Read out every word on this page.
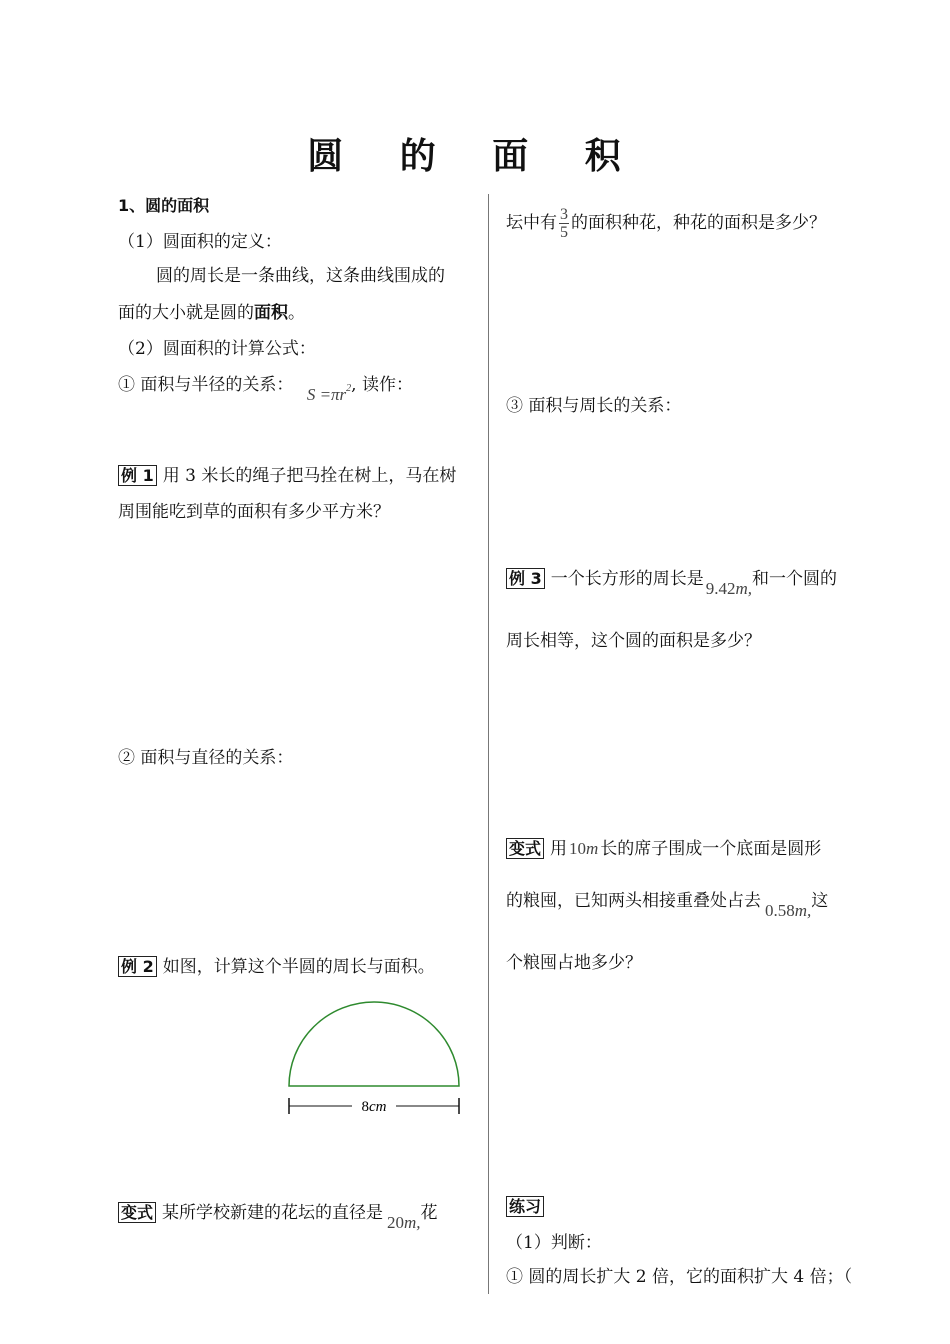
圆 的 面 积
1、圆的面积
（1）圆面积的定义：
圆的周长是一条曲线，这条曲线围成的
面的大小就是圆的面积。
（2）圆面积的计算公式：
① 面积与半径的关系： $S =\pi r^2$, 读作：
例 1 用 3 米长的绳子把马拴在树上，马在树
周围能吃到草的面积有多少平方米？
② 面积与直径的关系：
例 2 如图，计算这个半圆的周长与面积。
8cm
变式 某所学校新建的花坛的直径是 20m,花
坛中有 $\frac{3}{5}$ 的面积种花，种花的面积是多少？
③ 面积与周长的关系：
例 3 一个长方形的周长是 9.42m,和一个圆的
周长相等，这个圆的面积是多少？
变式 用 10m 长的席子围成一个底面是圆形
的粮囤，已知两头相接重叠处占去 0.58m,这
个粮囤占地多少？
练习
（1）判断：
① 圆的周长扩大 2 倍，它的面积扩大 4 倍；（
